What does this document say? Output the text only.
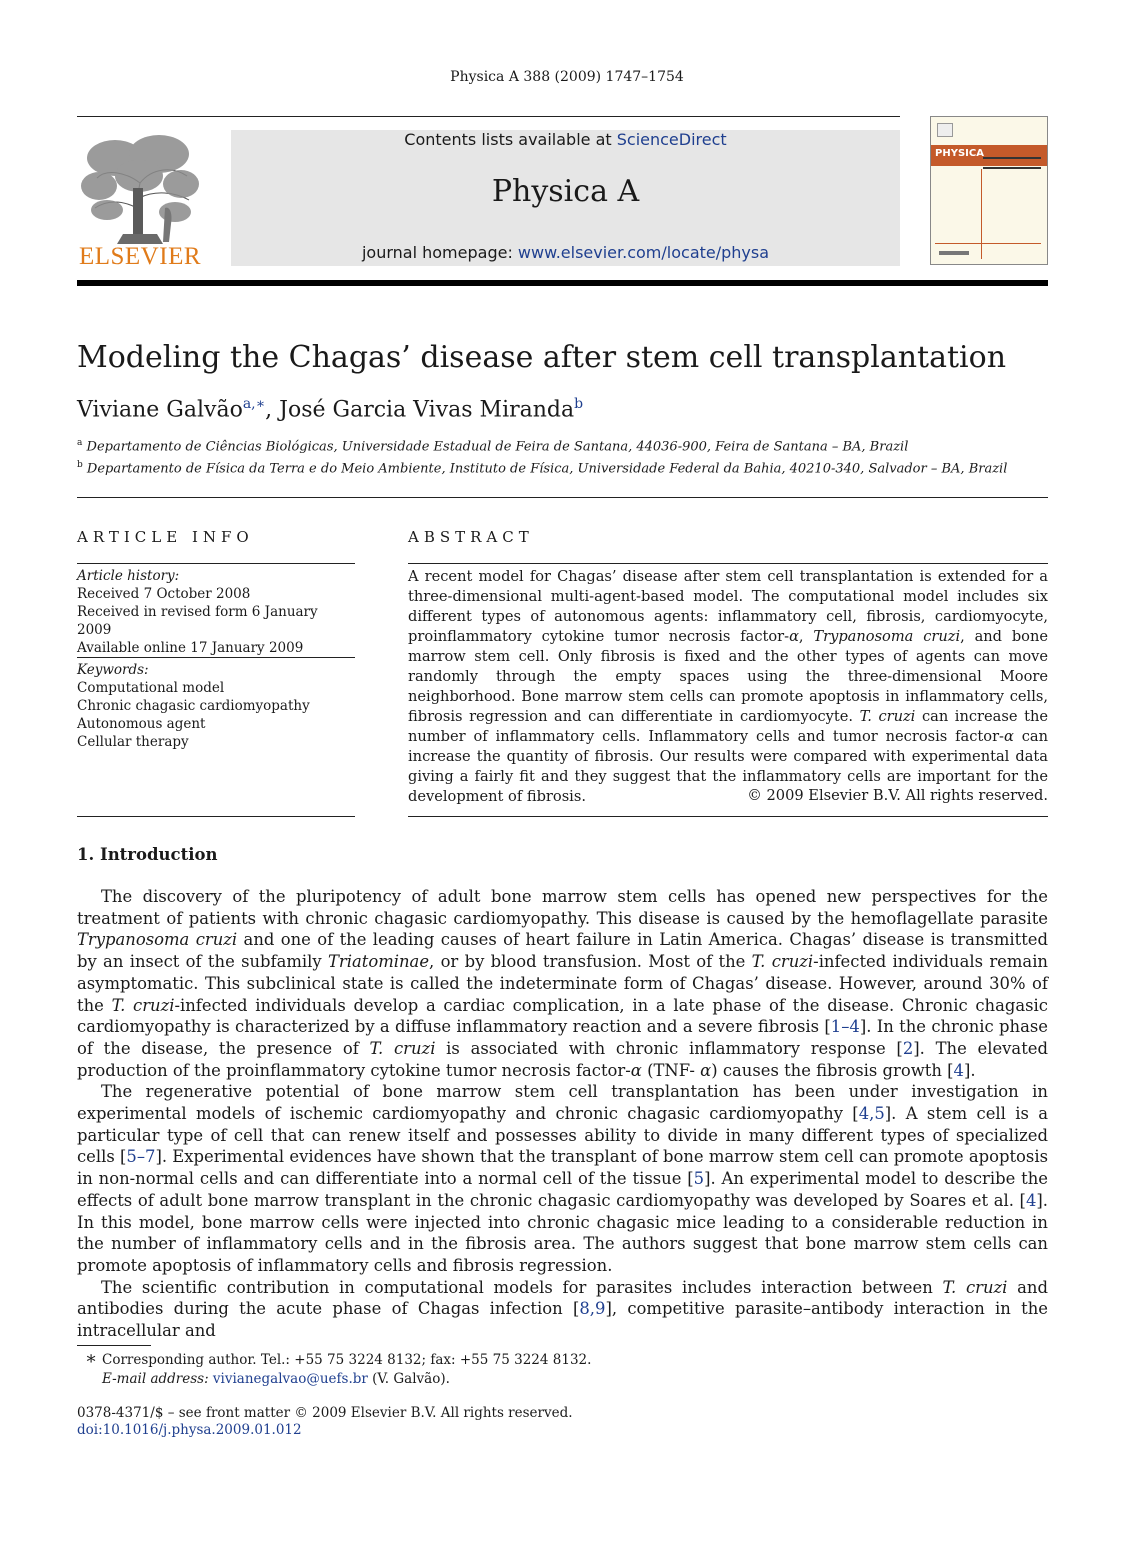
Physica A 388 (2009) 1747–1754
ELSEVIER
Contents lists available at ScienceDirect
Physica A
journal homepage: www.elsevier.com/locate/physa
PHYSICA
Modeling the Chagas’ disease after stem cell transplantation
Viviane Galvão$^{a,∗}$, José Garcia Vivas Miranda$^b$
$^a$ Departamento de Ciências Biológicas, Universidade Estadual de Feira de Santana, 44036-900, Feira de Santana – BA, Brazil
$^b$ Departamento de Física da Terra e do Meio Ambiente, Instituto de Física, Universidade Federal da Bahia, 40210-340, Salvador – BA, Brazil
ARTICLE INFO	ABSTRACT
Article history:
Received 7 October 2008
Received in revised form 6 January 2009
Available online 17 January 2009
Keywords:
Computational model
Chronic chagasic cardiomyopathy
Autonomous agent
Cellular therapy
A recent model for Chagas’ disease after stem cell transplantation is extended for a three-dimensional multi-agent-based model. The computational model includes six different types of autonomous agents: inflammatory cell, fibrosis, cardiomyocyte, proinflammatory cytokine tumor necrosis factor-α, Trypanosoma cruzi, and bone marrow stem cell. Only fibrosis is fixed and the other types of agents can move randomly through the empty spaces using the three-dimensional Moore neighborhood. Bone marrow stem cells can promote apoptosis in inflammatory cells, fibrosis regression and can differentiate in cardiomyocyte. T. cruzi can increase the number of inflammatory cells. Inflammatory cells and tumor necrosis factor-α can increase the quantity of fibrosis. Our results were compared with experimental data giving a fairly fit and they suggest that the inflammatory cells are important for the development of fibrosis.	© 2009 Elsevier B.V. All rights reserved.
1. Introduction

The discovery of the pluripotency of adult bone marrow stem cells has opened new perspectives for the treatment of patients with chronic chagasic cardiomyopathy. This disease is caused by the hemoflagellate parasite Trypanosoma cruzi and one of the leading causes of heart failure in Latin America. Chagas’ disease is transmitted by an insect of the subfamily Triatominae, or by blood transfusion. Most of the T. cruzi-infected individuals remain asymptomatic. This subclinical state is called the indeterminate form of Chagas’ disease. However, around 30% of the T. cruzi-infected individuals develop a cardiac complication, in a late phase of the disease. Chronic chagasic cardiomyopathy is characterized by a diffuse inflammatory reaction and a severe fibrosis [1–4]. In the chronic phase of the disease, the presence of T. cruzi is associated with chronic inflammatory response [2]. The elevated production of the proinflammatory cytokine tumor necrosis factor-α (TNF- α) causes the fibrosis growth [4].

The regenerative potential of bone marrow stem cell transplantation has been under investigation in experimental models of ischemic cardiomyopathy and chronic chagasic cardiomyopathy [4,5]. A stem cell is a particular type of cell that can renew itself and possesses ability to divide in many different types of specialized cells [5–7]. Experimental evidences have shown that the transplant of bone marrow stem cell can promote apoptosis in non-normal cells and can differentiate into a normal cell of the tissue [5]. An experimental model to describe the effects of adult bone marrow transplant in the chronic chagasic cardiomyopathy was developed by Soares et al. [4]. In this model, bone marrow cells were injected into chronic chagasic mice leading to a considerable reduction in the number of inflammatory cells and in the fibrosis area. The authors suggest that bone marrow stem cells can promote apoptosis of inflammatory cells and fibrosis regression.

The scientific contribution in computational models for parasites includes interaction between T. cruzi and antibodies during the acute phase of Chagas infection [8,9], competitive parasite–antibody interaction in the intracellular and

∗ Corresponding author. Tel.: +55 75 3224 8132; fax: +55 75 3224 8132.
E-mail address: vivianegalvao@uefs.br (V. Galvão).
0378-4371/$ – see front matter © 2009 Elsevier B.V. All rights reserved.
doi:10.1016/j.physa.2009.01.012
